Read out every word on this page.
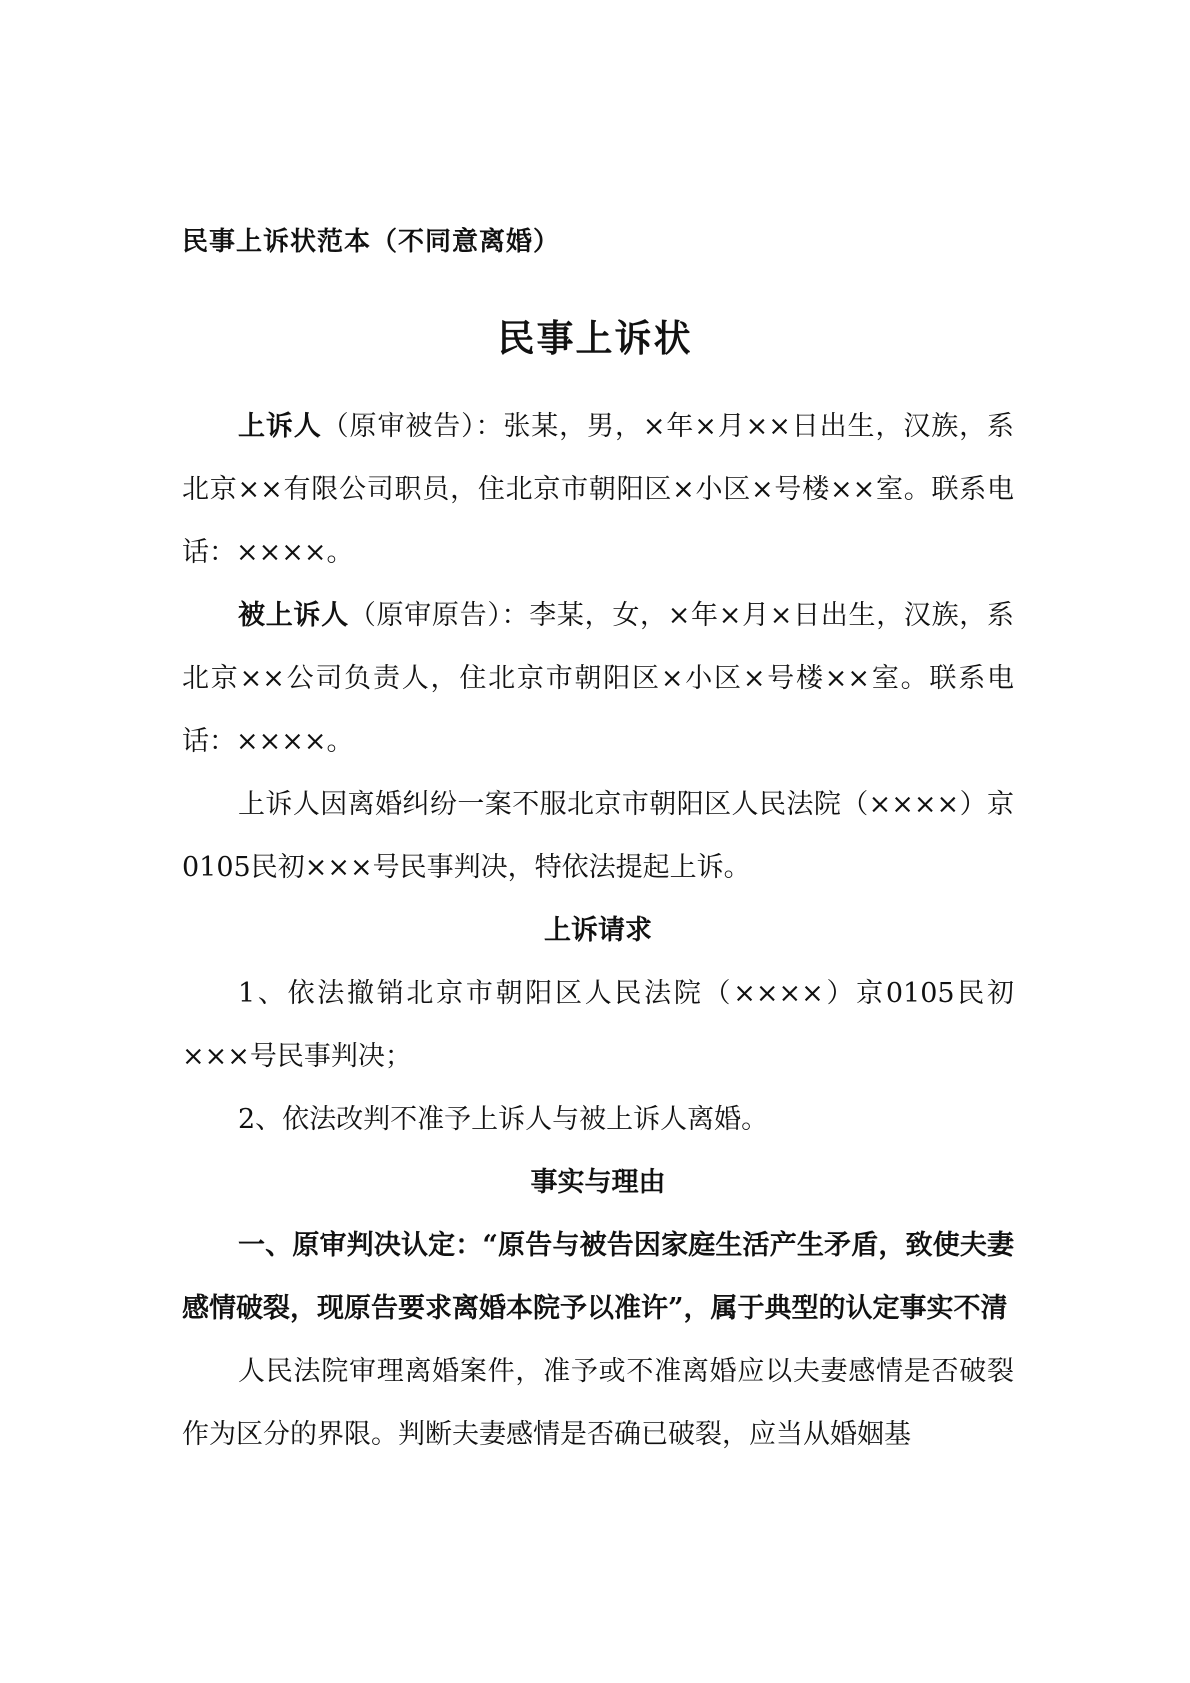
民事上诉状范本（不同意离婚）
民事上诉状

上诉人（原审被告）：张某，男，×年×月××日出生，汉族，系北京××有限公司职员，住北京市朝阳区×小区×号楼××室。联系电话：××××。

被上诉人（原审原告）：李某，女，×年×月×日出生，汉族，系北京××公司负责人，住北京市朝阳区×小区×号楼××室。联系电话：××××。

上诉人因离婚纠纷一案不服北京市朝阳区人民法院（××××）京0105民初×××号民事判决，特依法提起上诉。

上诉请求

1、依法撤销北京市朝阳区人民法院（××××）京0105民初×××号民事判决；

2、依法改判不准予上诉人与被上诉人离婚。

事实与理由

一、原审判决认定：“原告与被告因家庭生活产生矛盾，致使夫妻感情破裂，现原告要求离婚本院予以准许”，属于典型的认定事实不清

人民法院审理离婚案件，准予或不准离婚应以夫妻感情是否破裂作为区分的界限。判断夫妻感情是否确已破裂，应当从婚姻基
